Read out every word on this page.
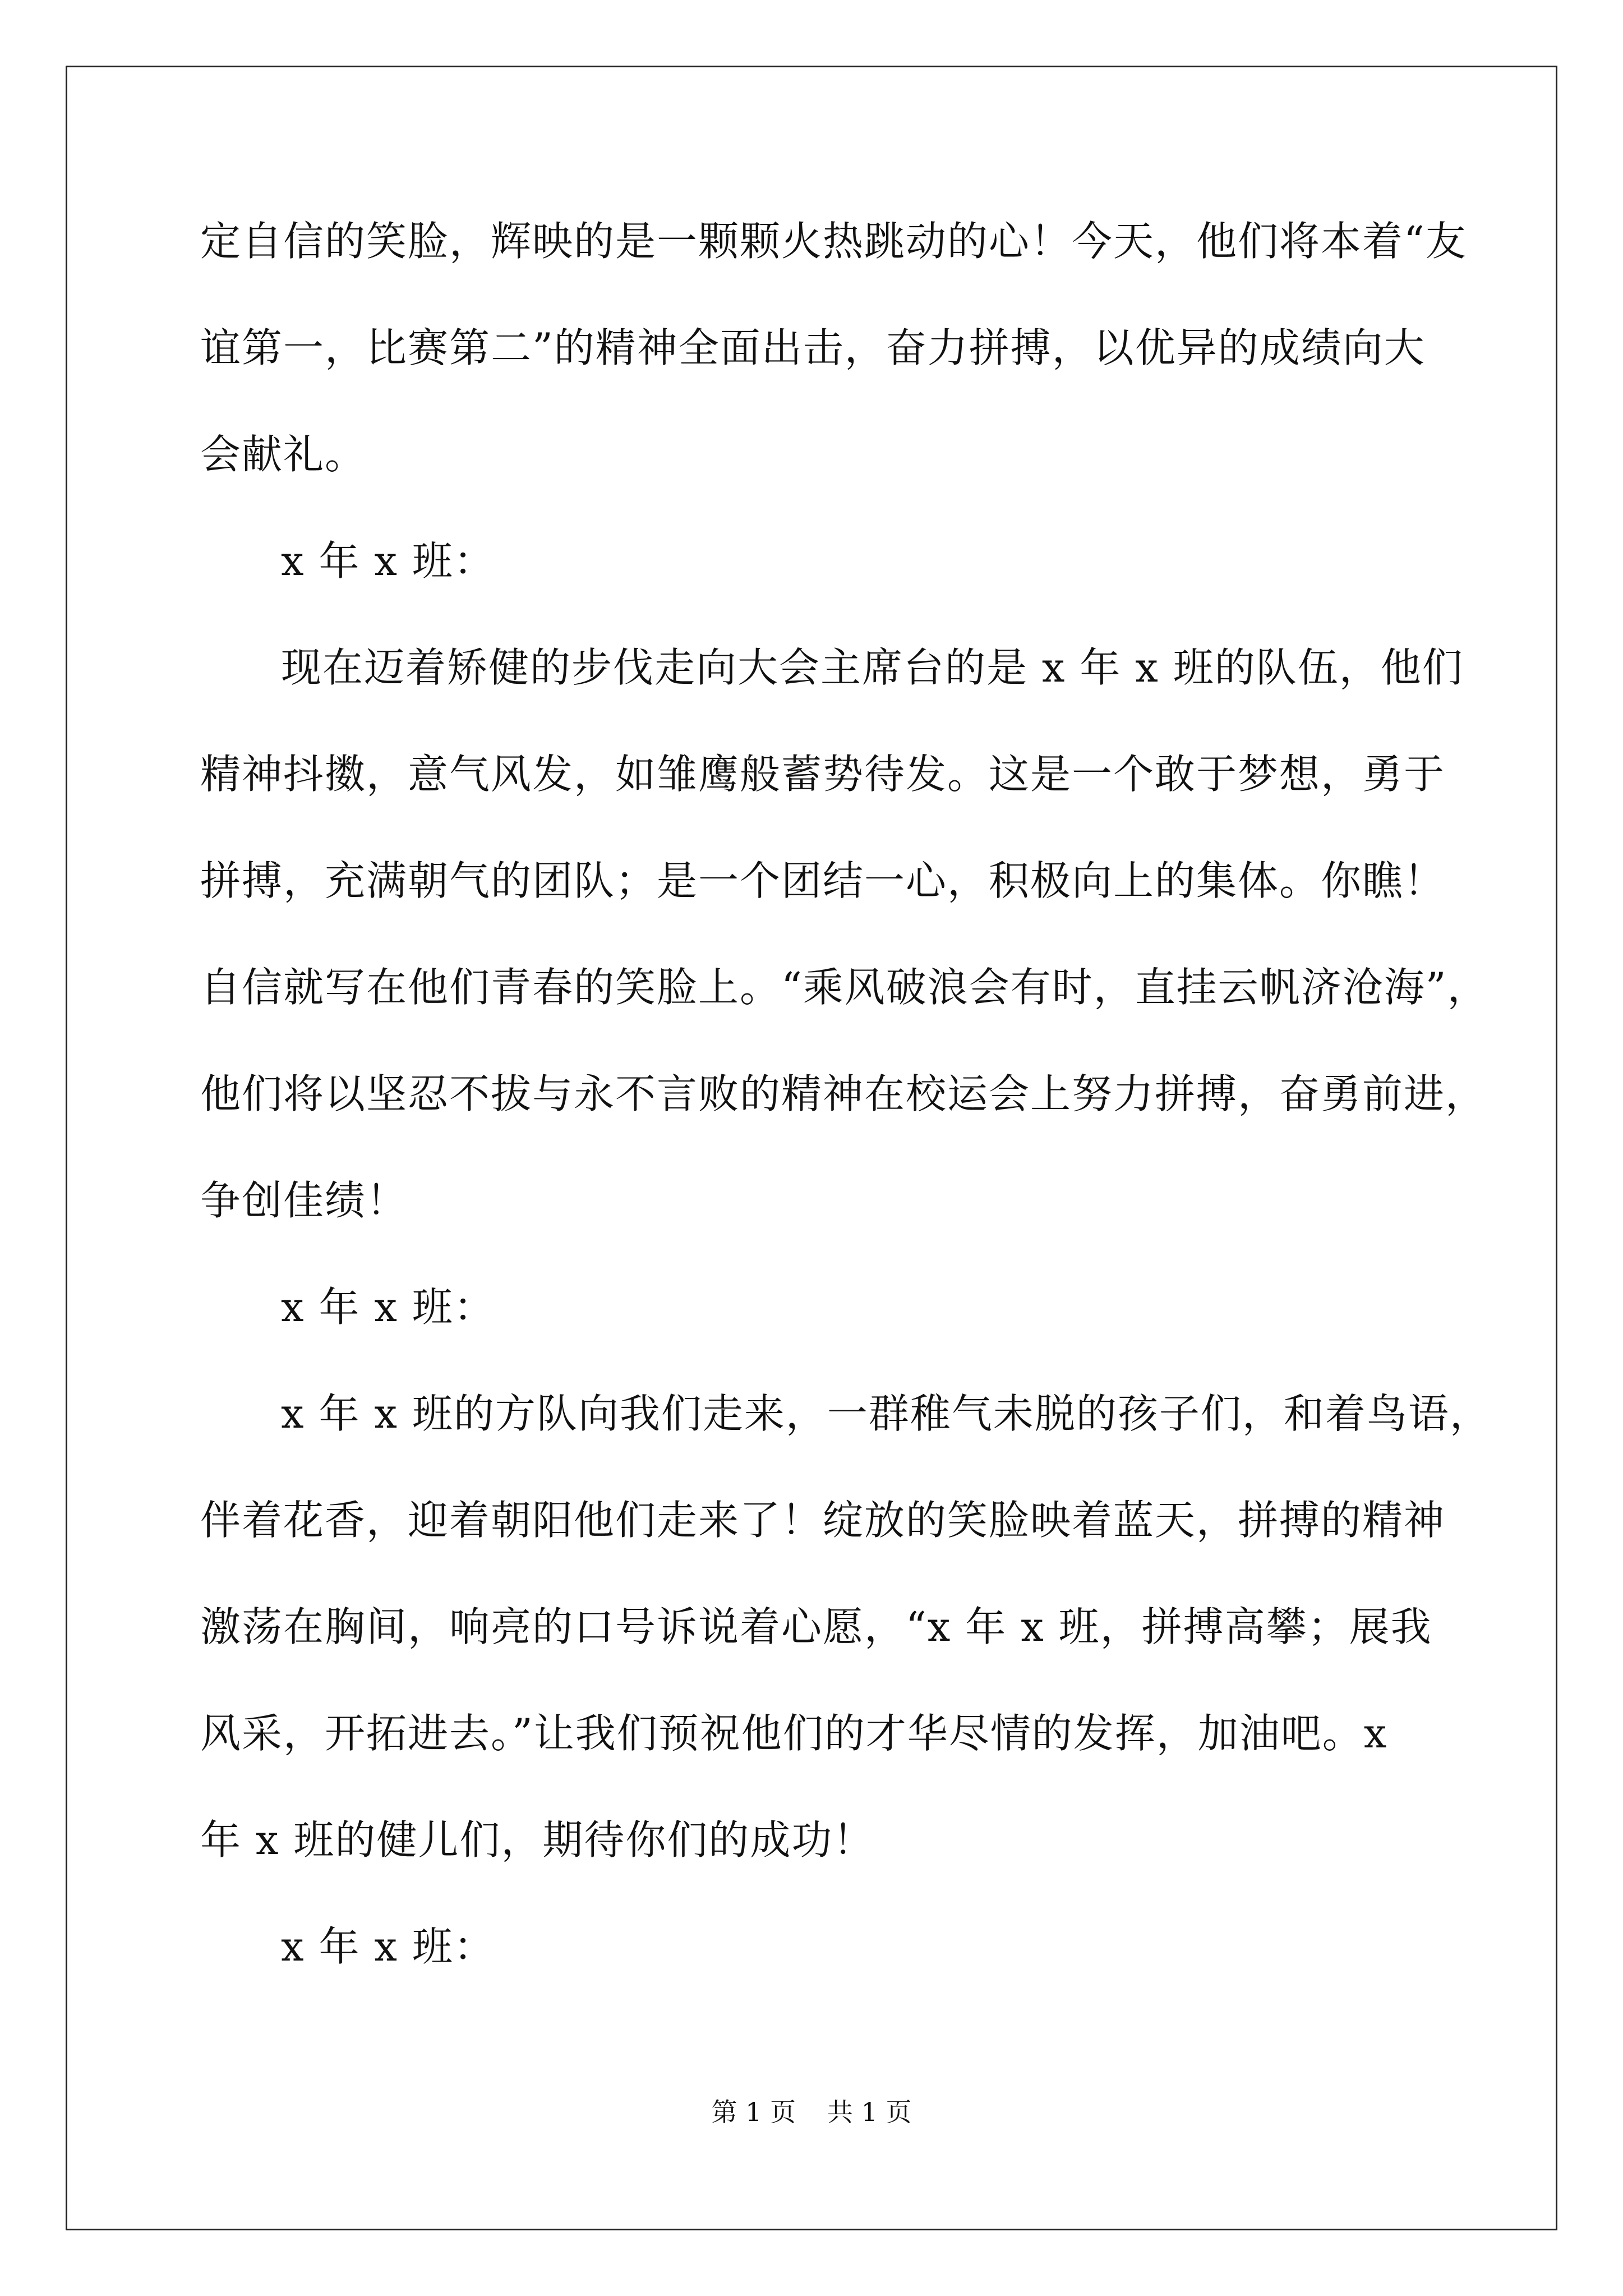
定自信的笑脸，辉映的是一颗颗火热跳动的心！今天，他们将本着“友
谊第一，比赛第二”的精神全面出击，奋力拼搏，以优异的成绩向大
会献礼。
x 年 x 班：
现在迈着矫健的步伐走向大会主席台的是 x 年 x 班的队伍，他们
精神抖擞，意气风发，如雏鹰般蓄势待发。这是一个敢于梦想，勇于
拼搏，充满朝气的团队；是一个团结一心，积极向上的集体。你瞧！
自信就写在他们青春的笑脸上。“乘风破浪会有时，直挂云帆济沧海”，
他们将以坚忍不拔与永不言败的精神在校运会上努力拼搏，奋勇前进，
争创佳绩！
x 年 x 班：
x 年 x 班的方队向我们走来，一群稚气未脱的孩子们，和着鸟语，
伴着花香，迎着朝阳他们走来了！绽放的笑脸映着蓝天，拼搏的精神
激荡在胸间，响亮的口号诉说着心愿，“x 年 x 班，拼搏高攀；展我
风采，开拓进去。”让我们预祝他们的才华尽情的发挥，加油吧。x
年 x 班的健儿们，期待你们的成功！
x 年 x 班：
第 1 页 共 1 页
